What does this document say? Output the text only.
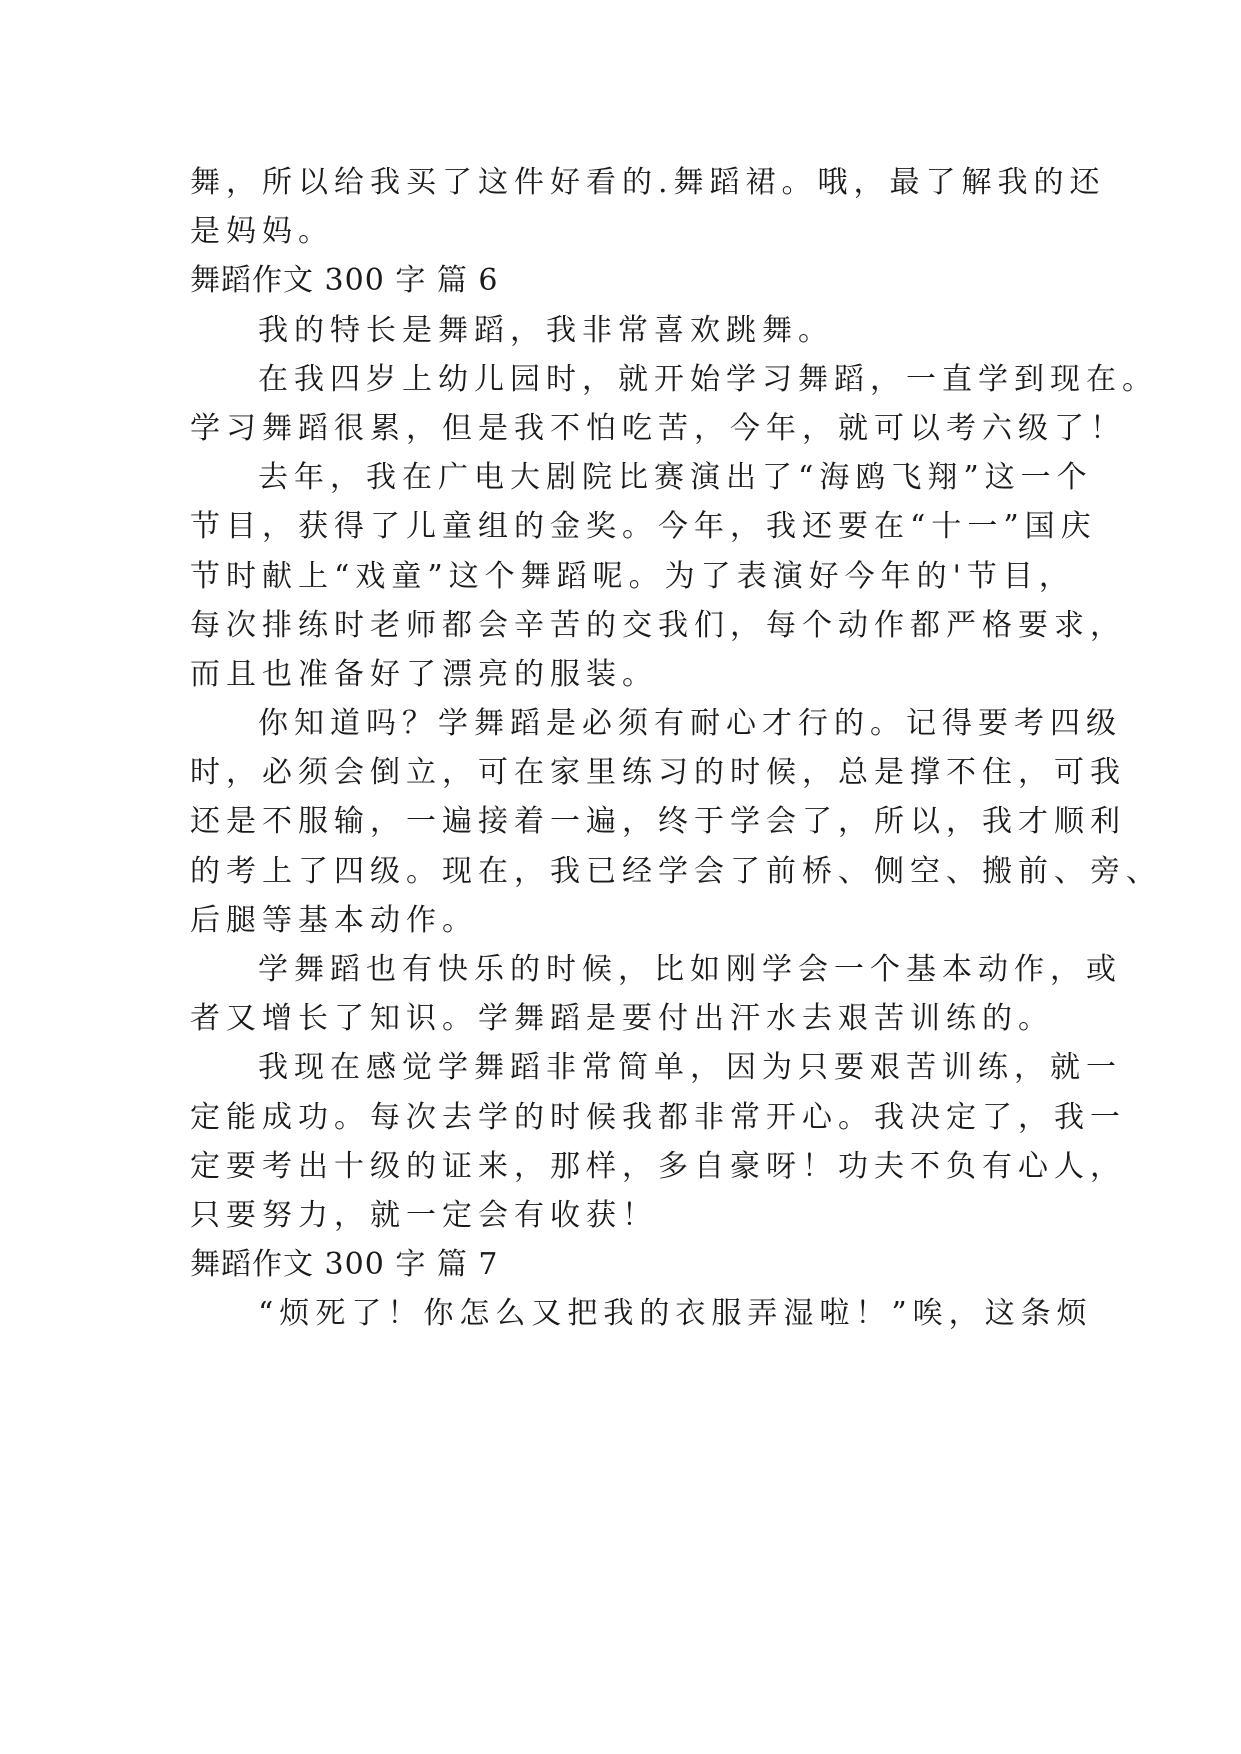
舞，所以给我买了这件好看的.舞蹈裙。哦，最了解我的还
是妈妈。
舞蹈作文 300 字 篇 6
我的特长是舞蹈，我非常喜欢跳舞。
在我四岁上幼儿园时，就开始学习舞蹈，一直学到现在。
学习舞蹈很累，但是我不怕吃苦，今年，就可以考六级了！
去年，我在广电大剧院比赛演出了“海鸥飞翔”这一个
节目，获得了儿童组的金奖。今年，我还要在“十一”国庆
节时献上“戏童”这个舞蹈呢。为了表演好今年的'节目，
每次排练时老师都会辛苦的交我们，每个动作都严格要求，
而且也准备好了漂亮的服装。
你知道吗？学舞蹈是必须有耐心才行的。记得要考四级
时，必须会倒立，可在家里练习的时候，总是撑不住，可我
还是不服输，一遍接着一遍，终于学会了，所以，我才顺利
的考上了四级。现在，我已经学会了前桥、侧空、搬前、旁、
后腿等基本动作。
学舞蹈也有快乐的时候，比如刚学会一个基本动作，或
者又增长了知识。学舞蹈是要付出汗水去艰苦训练的。
我现在感觉学舞蹈非常简单，因为只要艰苦训练，就一
定能成功。每次去学的时候我都非常开心。我决定了，我一
定要考出十级的证来，那样，多自豪呀！功夫不负有心人，
只要努力，就一定会有收获！
舞蹈作文 300 字 篇 7
“烦死了！你怎么又把我的衣服弄湿啦！”唉，这条烦
